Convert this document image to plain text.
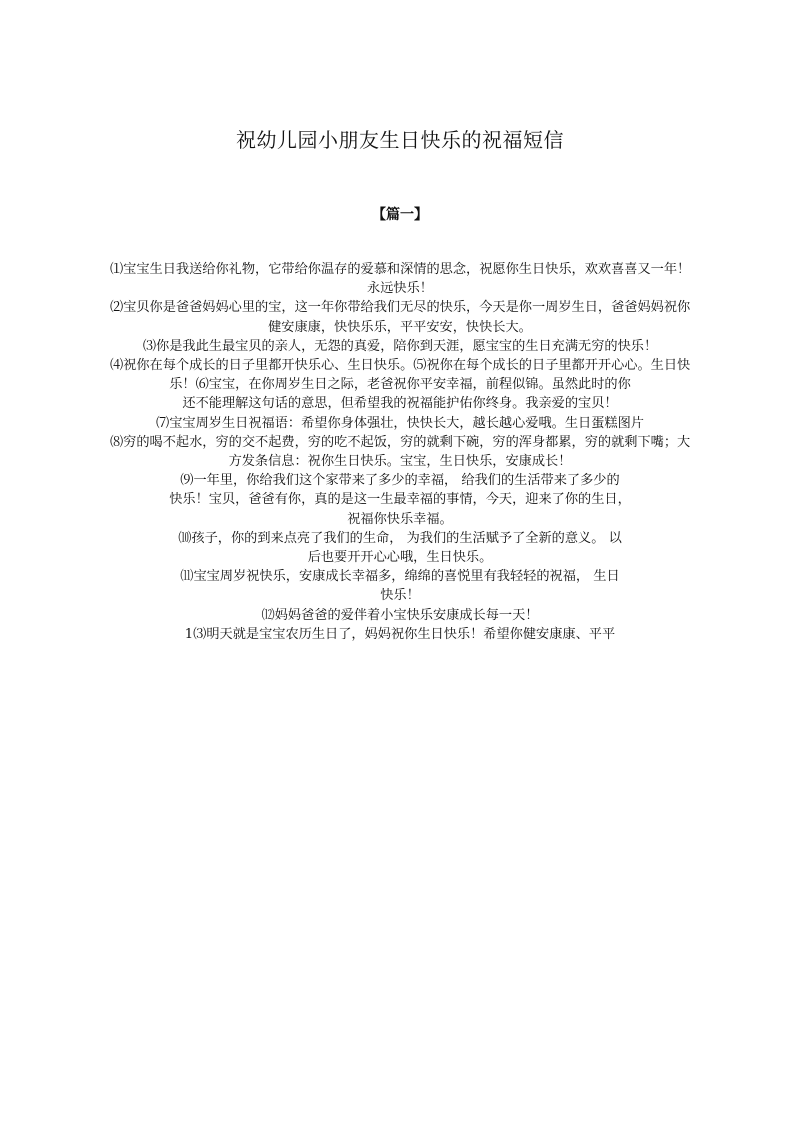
祝幼儿园小朋友生日快乐的祝福短信
【篇一】
⑴宝宝生日我送给你礼物，它带给你温存的爱慕和深情的思念，祝愿你生日快乐，欢欢喜喜又一年！
永远快乐！
⑵宝贝你是爸爸妈妈心里的宝，这一年你带给我们无尽的快乐，今天是你一周岁生日，爸爸妈妈祝你
健安康康，快快乐乐，平平安安，快快长大。
⑶你是我此生最宝贝的亲人，无怨的真爱，陪你到天涯，愿宝宝的生日充满无穷的快乐！
⑷祝你在每个成长的日子里都开快乐心、生日快乐。⑸祝你在每个成长的日子里都开开心心。生日快
乐！⑹宝宝，在你周岁生日之际，老爸祝你平安幸福，前程似锦。虽然此时的你
还不能理解这句话的意思，但希望我的祝福能护佑你终身。我亲爱的宝贝！
⑺宝宝周岁生日祝福语：希望你身体强壮，快快长大，越长越心爱哦。生日蛋糕图片
⑻穷的喝不起水，穷的交不起费，穷的吃不起饭，穷的就剩下碗，穷的浑身都累，穷的就剩下嘴；大
方发条信息：祝你生日快乐。宝宝，生日快乐，安康成长！
⑼一年里，你给我们这个家带来了多少的幸福， 给我们的生活带来了多少的
快乐！宝贝，爸爸有你，真的是这一生最幸福的事情，今天，迎来了你的生日，
祝福你快乐幸福。
⑽孩子，你的到来点亮了我们的生命， 为我们的生活赋予了全新的意义。 以
后也要开开心心哦，生日快乐。
⑾宝宝周岁祝快乐，安康成长幸福多，绵绵的喜悦里有我轻轻的祝福， 生日
快乐！
⑿妈妈爸爸的爱伴着小宝快乐安康成长每一天！
1⑶明天就是宝宝农历生日了，妈妈祝你生日快乐！希望你健安康康、平平
